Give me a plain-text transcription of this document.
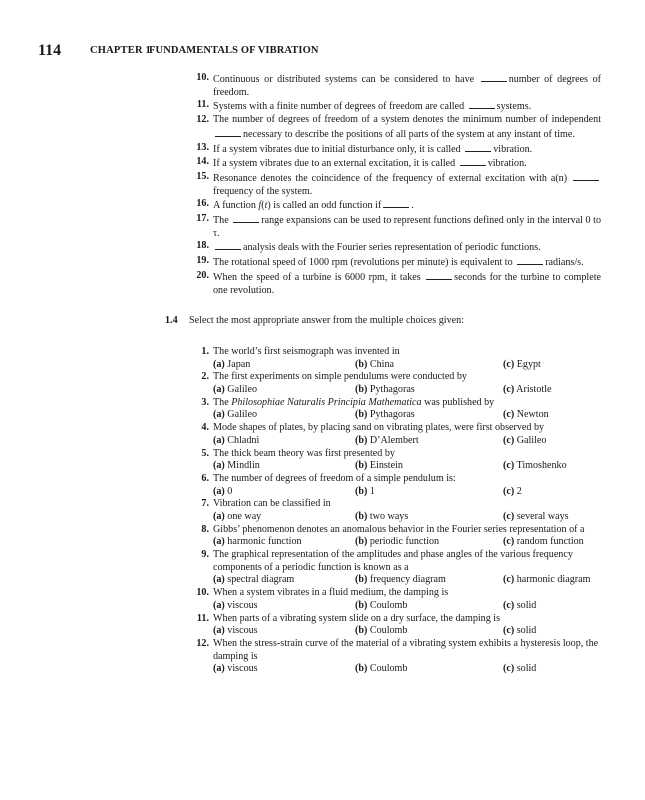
114	CHAPTER 1
FUNDAMENTALS OF VIBRATION
10 . Continuous or distributed systems can be considered to have	number of degrees of freedom.
11 . Systems with a finite number of degrees of freedom are called	systems.
12 . The number of degrees of freedom of a system denotes the minimum number of independent necessary to describe the positions of all parts of the system at any instant of time.
13 . If a system vibrates due to initial disturbance only, it is called	vibration.
14 . If a system vibrates due to an external excitation, it is called	vibration.
15 . Resonance denotes the coincidence of the frequency of external excitation with a(n) frequency of the system.
16 . A function f(t) is called an odd function if	.
17 . The	range expansions can be used to represent functions defined only in the interval 0 to τ.
18 .	analysis deals with the Fourier series representation of periodic functions.
19 . The rotational speed of 1000 rpm (revolutions per minute) is equivalent to	radians/s.
20 . When the speed of a turbine is 6000 rpm, it takes	seconds for the turbine to complete one revolution.
1.4 Select the most appropriate answer from the multiple choices given:
1 . The world’s first seismograph was invented in
(a) Japan	(b) China	(c) Egypt
2 . The first experiments on simple pendulums were conducted by
(a) Galileo	(b) Pythagoras	(c) Aristotle
3 . The Philosophiae Naturalis Principia Mathematica was published by
(a) Galileo	(b) Pythagoras	(c) Newton
4 . Mode shapes of plates, by placing sand on vibrating plates, were first observed by
(a) Chladni	(b) D’Alembert	(c) Galileo
5 . The thick beam theory was first presented by
(a) Mindlin	(b) Einstein	(c) Timoshenko
6 . The number of degrees of freedom of a simple pendulum is:
(a) 0	(b) 1	(c) 2
7 . Vibration can be classified in
(a) one way	(b) two ways	(c) several ways
8 . Gibbs’ phenomenon denotes an anomalous behavior in the Fourier series representation of a
(a) harmonic function	(b) periodic function	(c) random function
9 . The graphical representation of the amplitudes and phase angles of the various frequency components of a periodic function is known as a
(a) spectral diagram	(b) frequency diagram	(c) harmonic diagram
10 . When a system vibrates in a fluid medium, the damping is
(a) viscous	(b) Coulomb	(c) solid
11 . When parts of a vibrating system slide on a dry surface, the damping is
(a) viscous	(b) Coulomb	(c) solid
12 . When the stress-strain curve of the material of a vibrating system exhibits a hysteresis loop, the damping is
(a) viscous	(b) Coulomb	(c) solid
